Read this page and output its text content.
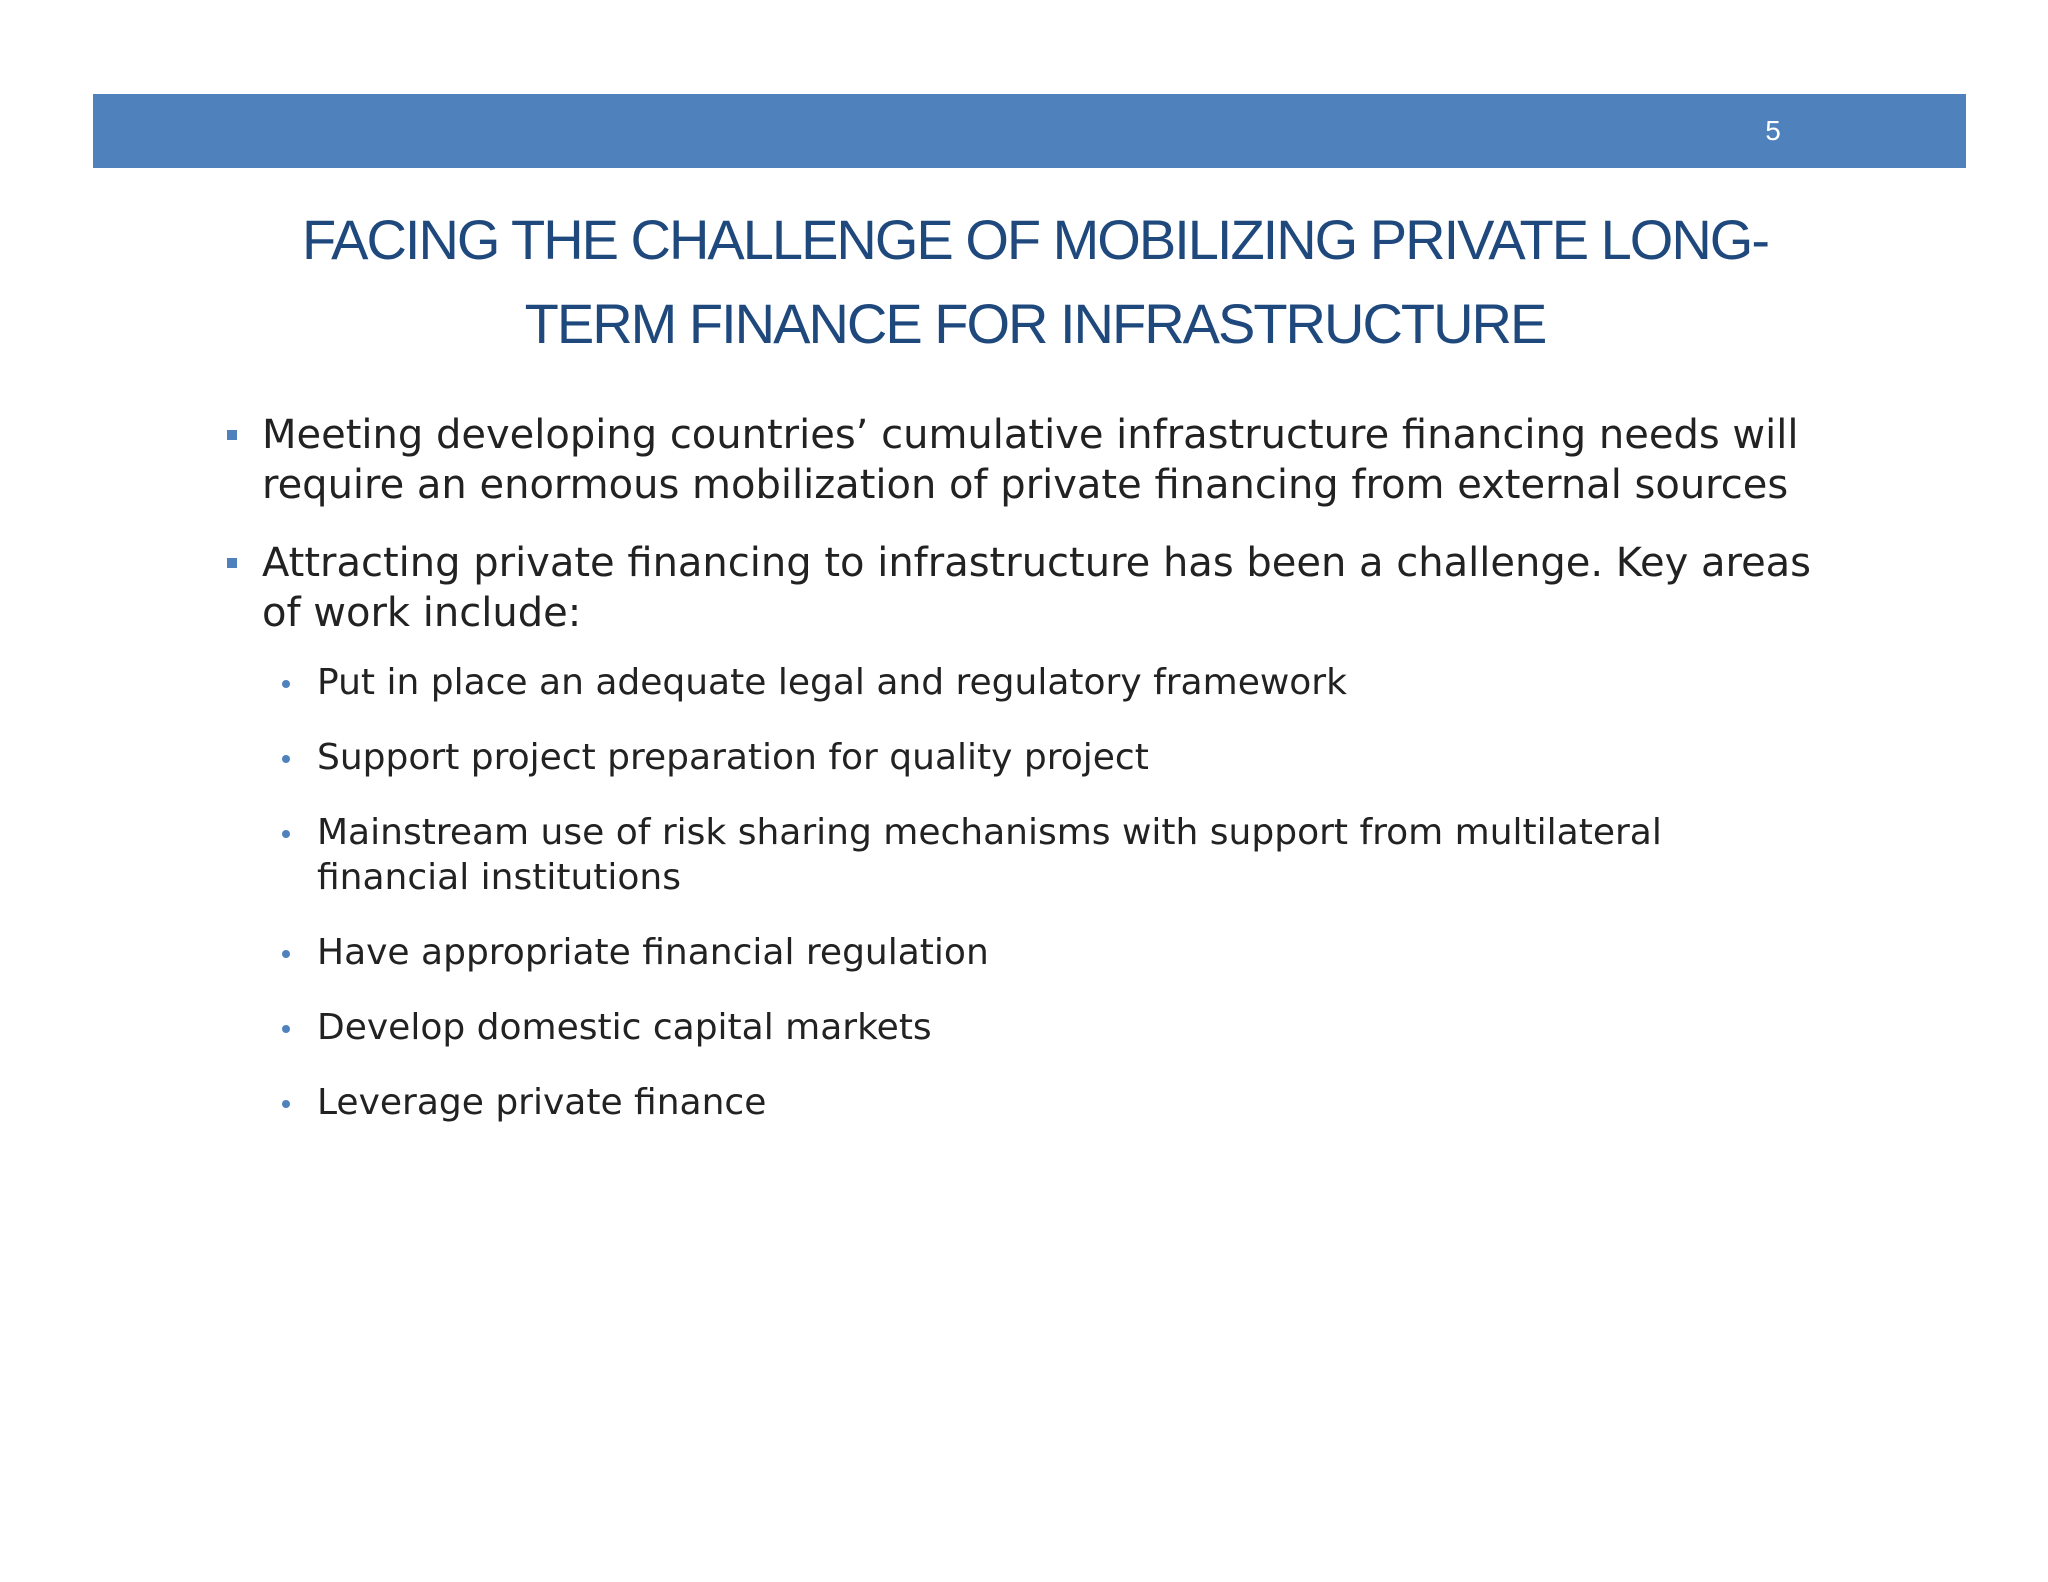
5
FACING THE CHALLENGE OF MOBILIZING PRIVATE LONG-
TERM FINANCE FOR INFRASTRUCTURE
Meeting developing countries’ cumulative infrastructure financing needs will require an enormous mobilization of private financing from external sources
Attracting private financing to infrastructure has been a challenge. Key areas of work include:
Put in place an adequate legal and regulatory framework
Support project preparation for quality project
Mainstream use of risk sharing mechanisms with support from multilateral financial institutions
Have appropriate financial regulation
Develop domestic capital markets
Leverage private finance
